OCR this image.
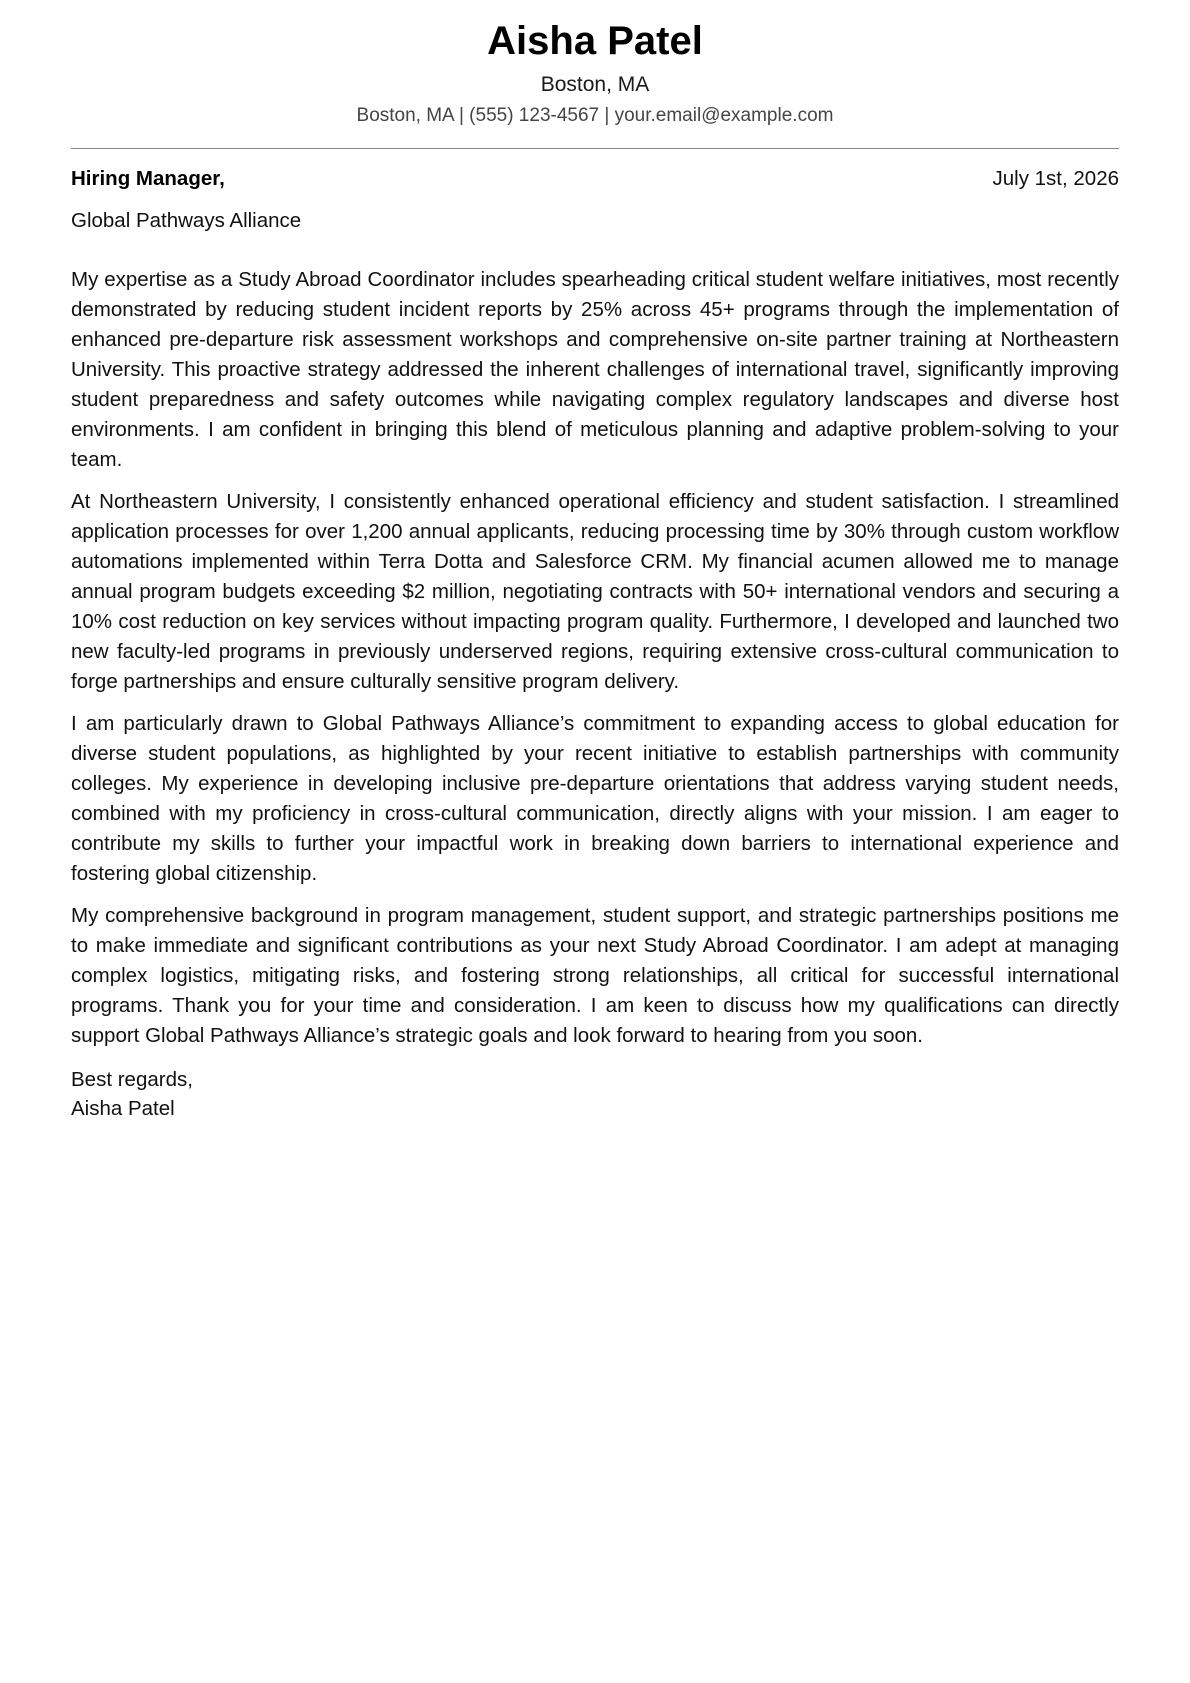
Aisha Patel
Boston, MA
Boston, MA | (555) 123-4567 | your.email@example.com
Hiring Manager,	July 1st, 2026
Global Pathways Alliance

My expertise as a Study Abroad Coordinator includes spearheading critical student welfare initiatives, most recently demonstrated by reducing student incident reports by 25% across 45+ programs through the implementation of enhanced pre-departure risk assessment workshops and comprehensive on-site partner training at Northeastern University. This proactive strategy addressed the inherent challenges of international travel, significantly improving student preparedness and safety outcomes while navigating complex regulatory landscapes and diverse host environments. I am confident in bringing this blend of meticulous planning and adaptive problem-solving to your team.

At Northeastern University, I consistently enhanced operational efficiency and student satisfaction. I streamlined application processes for over 1,200 annual applicants, reducing processing time by 30% through custom workflow automations implemented within Terra Dotta and Salesforce CRM. My financial acumen allowed me to manage annual program budgets exceeding $2 million, negotiating contracts with 50+ international vendors and securing a 10% cost reduction on key services without impacting program quality. Furthermore, I developed and launched two new faculty-led programs in previously underserved regions, requiring extensive cross-cultural communication to forge partnerships and ensure culturally sensitive program delivery.

I am particularly drawn to Global Pathways Alliance’s commitment to expanding access to global education for diverse student populations, as highlighted by your recent initiative to establish partnerships with community colleges. My experience in developing inclusive pre-departure orientations that address varying student needs, combined with my proficiency in cross-cultural communication, directly aligns with your mission. I am eager to contribute my skills to further your impactful work in breaking down barriers to international experience and fostering global citizenship.

My comprehensive background in program management, student support, and strategic partnerships positions me to make immediate and significant contributions as your next Study Abroad Coordinator. I am adept at managing complex logistics, mitigating risks, and fostering strong relationships, all critical for successful international programs. Thank you for your time and consideration. I am keen to discuss how my qualifications can directly support Global Pathways Alliance’s strategic goals and look forward to hearing from you soon.

Best regards,
Aisha Patel
